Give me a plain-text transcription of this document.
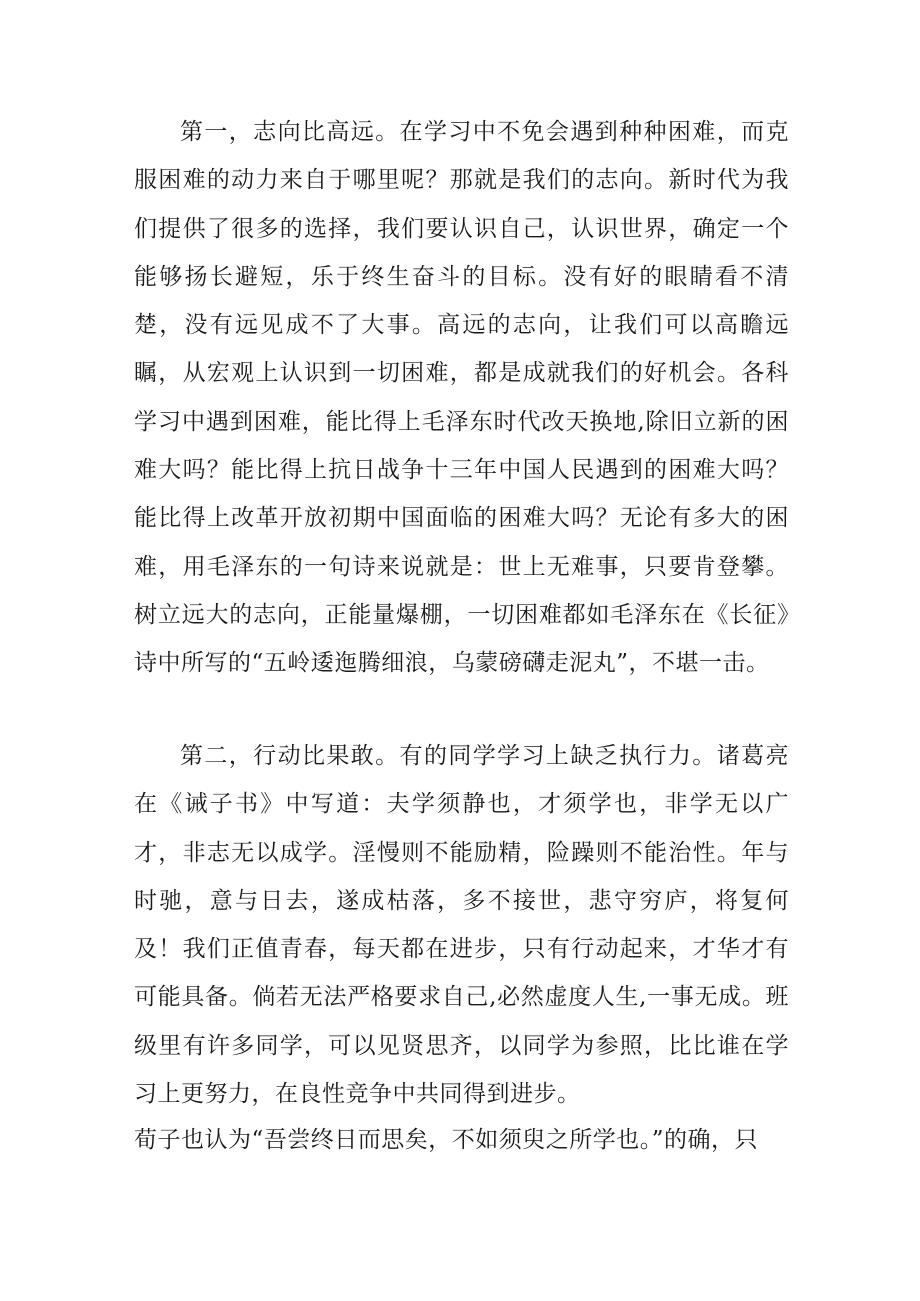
第一，志向比高远。在学习中不免会遇到种种困难，而克服困难的动力来自于哪里呢？那就是我们的志向。新时代为我们提供了很多的选择，我们要认识自己，认识世界，确定一个能够扬长避短，乐于终生奋斗的目标。没有好的眼睛看不清楚，没有远见成不了大事。高远的志向，让我们可以高瞻远瞩，从宏观上认识到一切困难，都是成就我们的好机会。各科学习中遇到困难，能比得上毛泽东时代改天换地,除旧立新的困难大吗？能比得上抗日战争十三年中国人民遇到的困难大吗？能比得上改革开放初期中国面临的困难大吗？无论有多大的困难，用毛泽东的一句诗来说就是：世上无难事，只要肯登攀。树立远大的志向，正能量爆棚，一切困难都如毛泽东在《长征》诗中所写的“五岭逶迤腾细浪，乌蒙磅礴走泥丸”，不堪一击。

第二，行动比果敢。有的同学学习上缺乏执行力。诸葛亮在《诫子书》中写道：夫学须静也，才须学也，非学无以广才，非志无以成学。淫慢则不能励精，险躁则不能治性。年与时驰，意与日去，遂成枯落，多不接世，悲守穷庐，将复何及！我们正值青春，每天都在进步，只有行动起来，才华才有可能具备。倘若无法严格要求自己,必然虚度人生,一事无成。班级里有许多同学，可以见贤思齐，以同学为参照，比比谁在学习上更努力，在良性竞争中共同得到进步。

荀子也认为“吾尝终日而思矣，不如须臾之所学也。”的确，只
